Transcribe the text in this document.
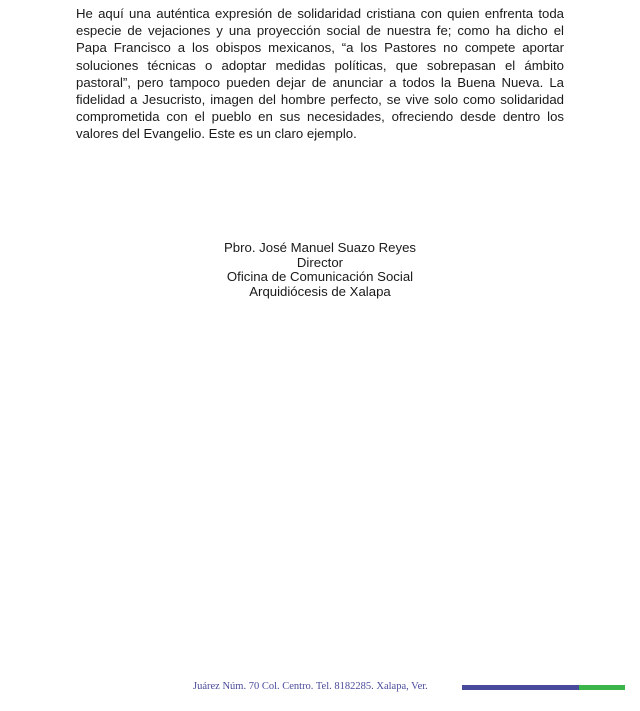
He aquí una auténtica expresión de solidaridad cristiana con quien enfrenta toda especie de vejaciones y una proyección social de nuestra fe; como ha dicho el Papa Francisco a los obispos mexicanos, “a los Pastores no compete aportar soluciones técnicas o adoptar medidas políticas, que sobrepasan el ámbito pastoral”, pero tampoco pueden dejar de anunciar a todos la Buena Nueva. La fidelidad a Jesucristo, imagen del hombre perfecto, se vive solo como solidaridad comprometida con el pueblo en sus necesidades, ofreciendo desde dentro los valores del Evangelio. Este es un claro ejemplo.

Pbro. José Manuel Suazo Reyes
Director
Oficina de Comunicación Social
Arquidiócesis de Xalapa
Juárez Núm. 70 Col. Centro. Tel. 8182285. Xalapa, Ver.
